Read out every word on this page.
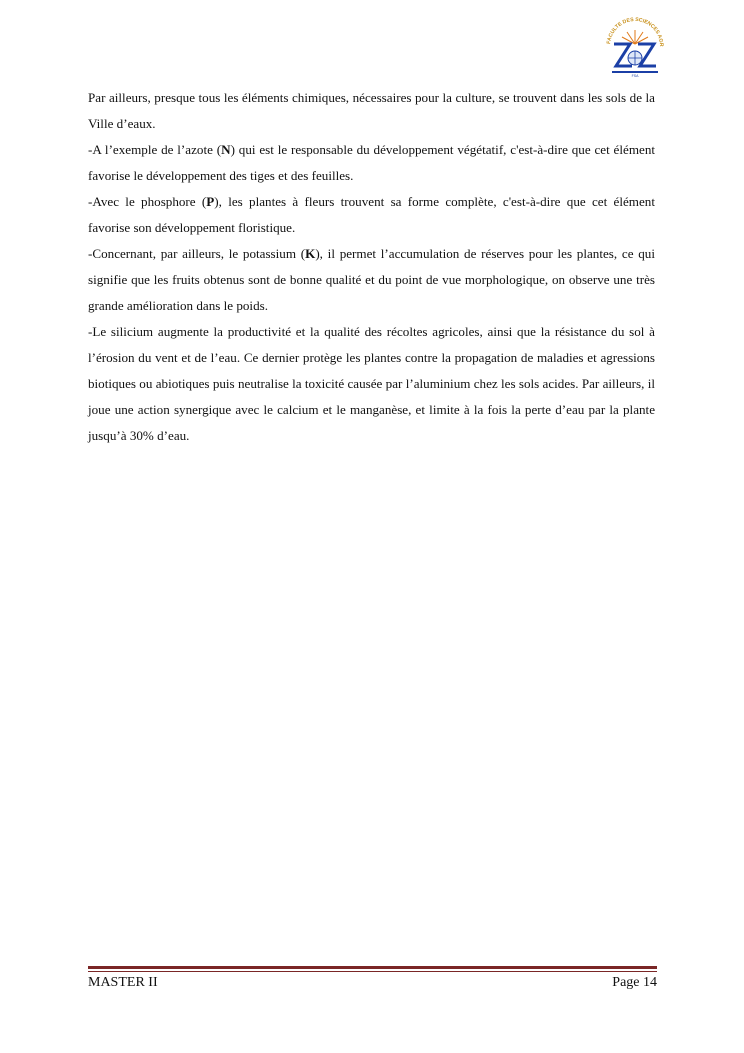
FACULTE DES SCIENCES AGR
FSA

Par ailleurs, presque tous les éléments chimiques, nécessaires pour la culture, se trouvent dans les sols de la Ville d’eaux.

-A l’exemple de l’azote (N) qui est le responsable du développement végétatif, c'est-à-dire que cet élément favorise le développement des tiges et des feuilles.

-Avec le phosphore (P), les plantes à fleurs trouvent sa forme complète, c'est-à-dire que cet élément favorise son développement floristique.

-Concernant, par ailleurs, le potassium (K), il permet l’accumulation de réserves pour les plantes, ce qui signifie que les fruits obtenus sont de bonne qualité et du point de vue morphologique, on observe une très grande amélioration dans le poids.

-Le silicium augmente la productivité et la qualité des récoltes agricoles, ainsi que la résistance du sol à l’érosion du vent et de l’eau. Ce dernier protège les plantes contre la propagation de maladies et agressions biotiques ou abiotiques puis neutralise la toxicité causée par l’aluminium chez les sols acides. Par ailleurs, il joue une action synergique avec le calcium et le manganèse, et limite à la fois la perte d’eau par la plante jusqu’à 30% d’eau.

MASTER II	Page 14
